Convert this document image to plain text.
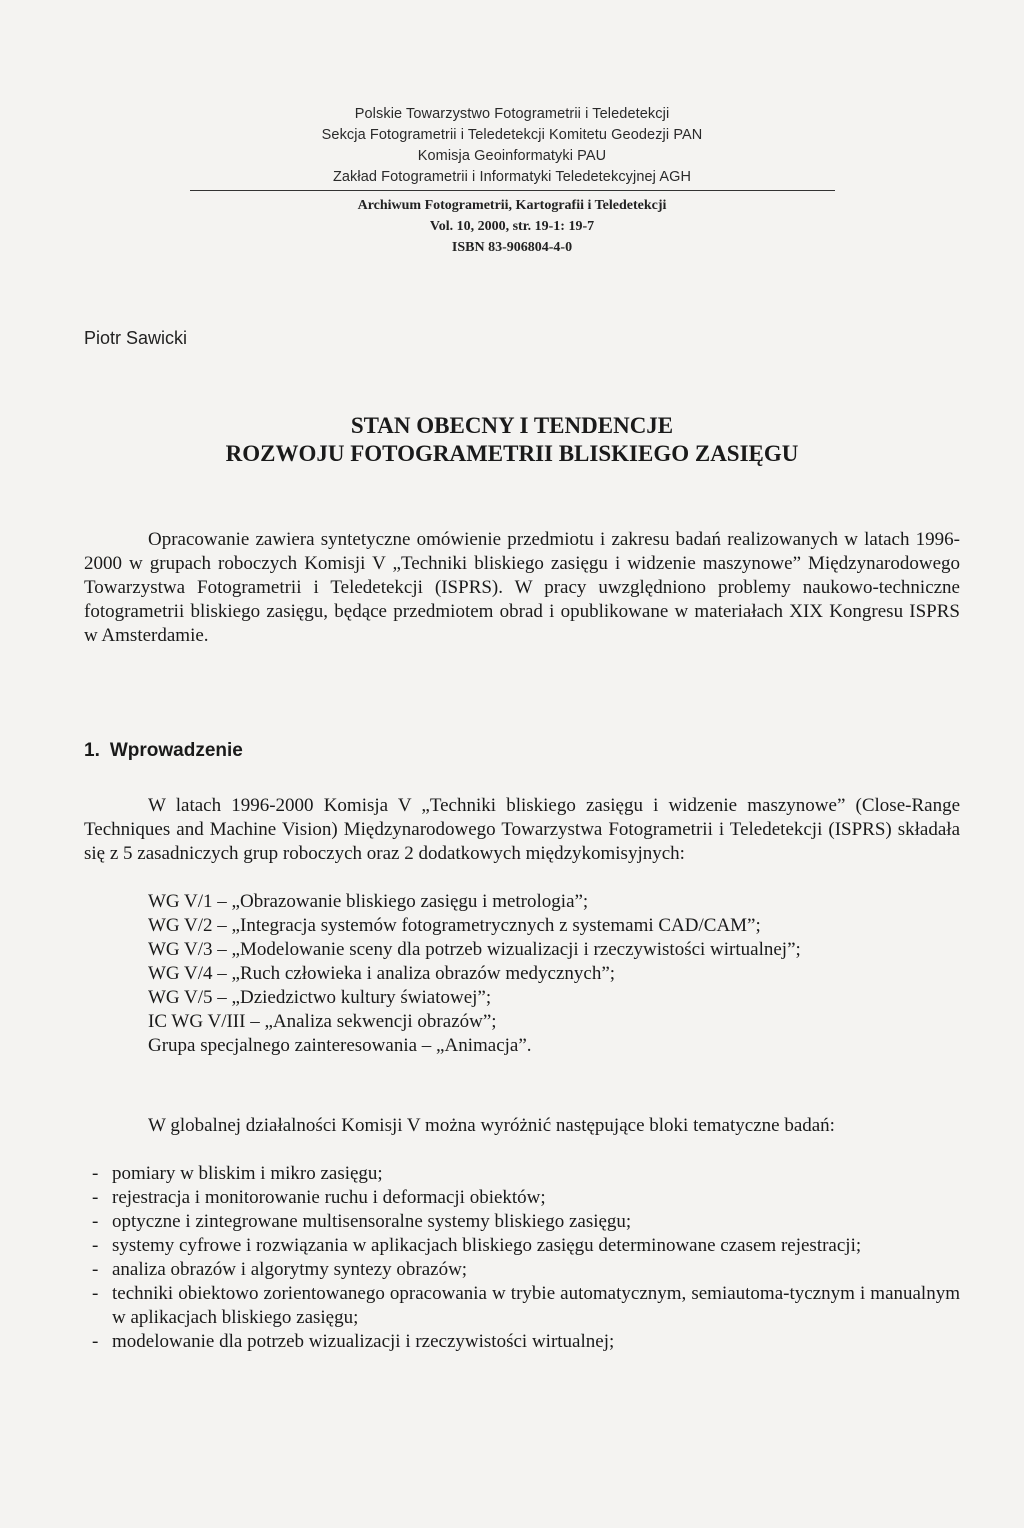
Polskie Towarzystwo Fotogrametrii i Teledetekcji
Sekcja Fotogrametrii i Teledetekcji Komitetu Geodezji PAN
Komisja Geoinformatyki PAU
Zakład Fotogrametrii i Informatyki Teledetekcyjnej AGH
Archiwum Fotogrametrii, Kartografii i Teledetekcji
Vol. 10, 2000, str. 19-1: 19-7
ISBN 83-906804-4-0
Piotr Sawicki
STAN OBECNY I TENDENCJE
ROZWOJU FOTOGRAMETRII BLISKIEGO ZASIĘGU

Opracowanie zawiera syntetyczne omówienie przedmiotu i zakresu badań realizowanych w latach 1996-2000 w grupach roboczych Komisji V „Techniki bliskiego zasięgu i widzenie maszynowe” Międzynarodowego Towarzystwa Fotogrametrii i Teledetekcji (ISPRS). W pracy uwzględniono problemy naukowo-techniczne fotogrametrii bliskiego zasięgu, będące przedmiotem obrad i opublikowane w materiałach XIX Kongresu ISPRS w Amsterdamie.

1. Wprowadzenie

W latach 1996-2000 Komisja V „Techniki bliskiego zasięgu i widzenie maszynowe” (Close-Range Techniques and Machine Vision) Międzynarodowego Towarzystwa Fotogrametrii i Teledetekcji (ISPRS) składała się z 5 zasadniczych grup roboczych oraz 2 dodatkowych międzykomisyjnych:

WG V/1 – „Obrazowanie bliskiego zasięgu i metrologia”;
WG V/2 – „Integracja systemów fotogrametrycznych z systemami CAD/CAM”;
WG V/3 – „Modelowanie sceny dla potrzeb wizualizacji i rzeczywistości wirtualnej”;
WG V/4 – „Ruch człowieka i analiza obrazów medycznych”;
WG V/5 – „Dziedzictwo kultury światowej”;
IC WG V/III – „Analiza sekwencji obrazów”;
Grupa specjalnego zainteresowania – „Animacja”.

W globalnej działalności Komisji V można wyróżnić następujące bloki tematyczne badań:

- pomiary w bliskim i mikro zasięgu;
- rejestracja i monitorowanie ruchu i deformacji obiektów;
- optyczne i zintegrowane multisensoralne systemy bliskiego zasięgu;
- systemy cyfrowe i rozwiązania w aplikacjach bliskiego zasięgu determinowane czasem rejestracji;
- analiza obrazów i algorytmy syntezy obrazów;
- techniki obiektowo zorientowanego opracowania w trybie automatycznym, semiautoma-tycznym i manualnym w aplikacjach bliskiego zasięgu;
- modelowanie dla potrzeb wizualizacji i rzeczywistości wirtualnej;
